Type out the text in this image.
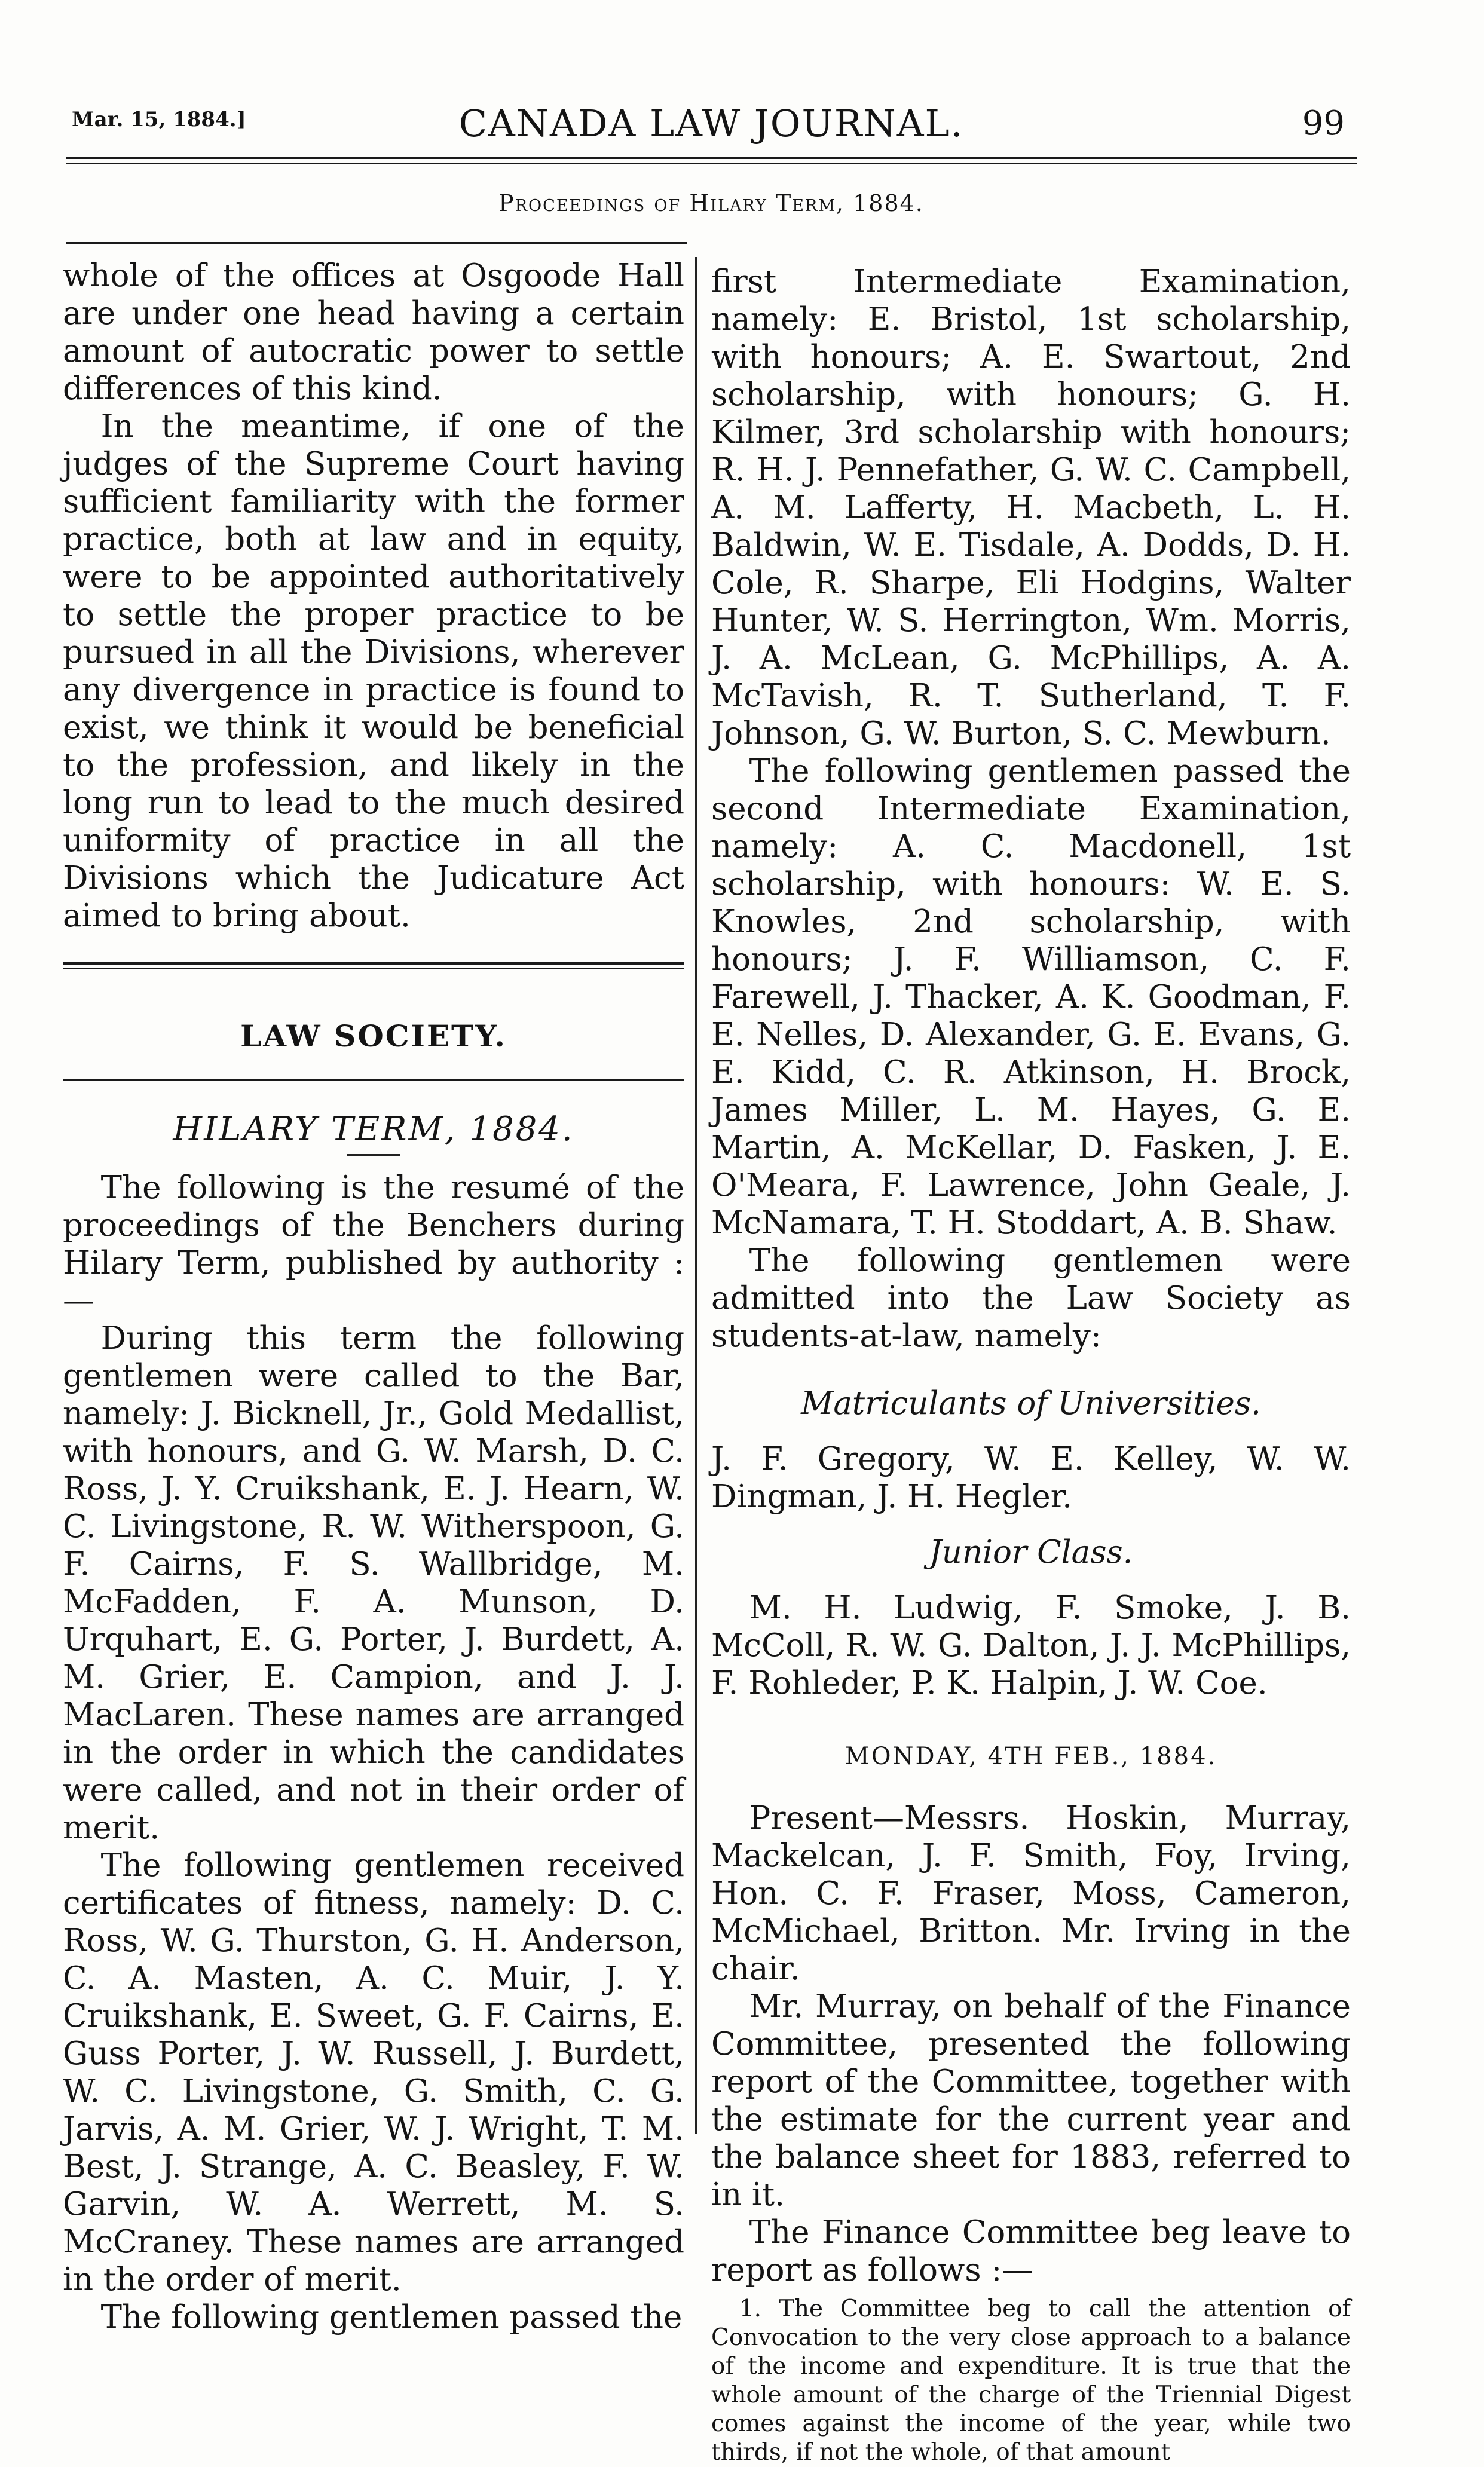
Mar. 15, 1884.]	CANADA LAW JOURNAL.	99
Proceedings of Hilary Term, 1884.

whole of the offices at Osgoode Hall are under one head having a certain amount of autocratic power to settle differences of this kind.

In the meantime, if one of the judges of the Supreme Court having sufficient familiarity with the former practice, both at law and in equity, were to be appointed authoritatively to settle the proper practice to be pursued in all the Divisions, wherever any divergence in practice is found to exist, we think it would be beneficial to the profession, and likely in the long run to lead to the much desired uniformity of practice in all the Divisions which the Judicature Act aimed to bring about.

LAW SOCIETY.
HILARY TERM, 1884.

The following is the resumé of the proceedings of the Benchers during Hilary Term, published by authority :—

During this term the following gentlemen were called to the Bar, namely: J. Bicknell, Jr., Gold Medallist, with honours, and G. W. Marsh, D. C. Ross, J. Y. Cruikshank, E. J. Hearn, W. C. Livingstone, R. W. Witherspoon, G. F. Cairns, F. S. Wallbridge, M. McFadden, F. A. Munson, D. Urquhart, E. G. Porter, J. Burdett, A. M. Grier, E. Campion, and J. J. MacLaren. These names are arranged in the order in which the candidates were called, and not in their order of merit.

The following gentlemen received certificates of fitness, namely: D. C. Ross, W. G. Thurston, G. H. Anderson, C. A. Masten, A. C. Muir, J. Y. Cruikshank, E. Sweet, G. F. Cairns, E. Guss Porter, J. W. Russell, J. Burdett, W. C. Livingstone, G. Smith, C. G. Jarvis, A. M. Grier, W. J. Wright, T. M. Best, J. Strange, A. C. Beasley, F. W. Garvin, W. A. Werrett, M. S. McCraney. These names are arranged in the order of merit.

The following gentlemen passed the

first Intermediate Examination, namely: E. Bristol, 1st scholarship, with honours; A. E. Swartout, 2nd scholarship, with honours; G. H. Kilmer, 3rd scholarship with honours; R. H. J. Pennefather, G. W. C. Campbell, A. M. Lafferty, H. Macbeth, L. H. Baldwin, W. E. Tisdale, A. Dodds, D. H. Cole, R. Sharpe, Eli Hodgins, Walter Hunter, W. S. Herrington, Wm. Morris, J. A. McLean, G. McPhillips, A. A. McTavish, R. T. Sutherland, T. F. Johnson, G. W. Burton, S. C. Mewburn.

The following gentlemen passed the second Intermediate Examination, namely: A. C. Macdonell, 1st scholarship, with honours: W. E. S. Knowles, 2nd scholarship, with honours; J. F. Williamson, C. F. Farewell, J. Thacker, A. K. Goodman, F. E. Nelles, D. Alexander, G. E. Evans, G. E. Kidd, C. R. Atkinson, H. Brock, James Miller, L. M. Hayes, G. E. Martin, A. McKellar, D. Fasken, J. E. O'Meara, F. Lawrence, John Geale, J. McNamara, T. H. Stoddart, A. B. Shaw.

The following gentlemen were admitted into the Law Society as students-at-law, namely:

Matriculants of Universities.

J. F. Gregory, W. E. Kelley, W. W. Dingman, J. H. Hegler.

Junior Class.

M. H. Ludwig, F. Smoke, J. B. McColl, R. W. G. Dalton, J. J. McPhillips, F. Rohleder, P. K. Halpin, J. W. Coe.

MONDAY, 4TH FEB., 1884.

Present—Messrs. Hoskin, Murray, Mackelcan, J. F. Smith, Foy, Irving, Hon. C. F. Fraser, Moss, Cameron, McMichael, Britton. Mr. Irving in the chair.

Mr. Murray, on behalf of the Finance Committee, presented the following report of the Committee, together with the estimate for the current year and the balance sheet for 1883, referred to in it.

The Finance Committee beg leave to report as follows :—

1. The Committee beg to call the attention of Convocation to the very close approach to a balance of the income and expenditure. It is true that the whole amount of the charge of the Triennial Digest comes against the income of the year, while two thirds, if not the whole, of that amount
